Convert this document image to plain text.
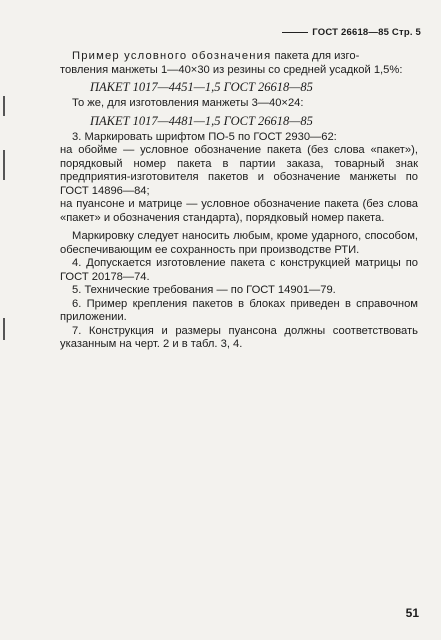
ГОСТ 26618—85 Стр. 5

Пример условного обозначения пакета для изго-

товления манжеты 1—40×30 из резины со средней усадкой 1,5%:

ПАКЕТ 1017—4451—1,5 ГОСТ 26618—85

То же, для изготовления манжеты 3—40×24:

ПАКЕТ 1017—4481—1,5 ГОСТ 26618—85

3. Маркировать шрифтом ПО-5 по ГОСТ 2930—62:

на обойме — условное обозначение пакета (без слова «пакет»), порядковый номер пакета в партии заказа, товарный знак предприятия-изготовителя пакетов и обозначение манжеты по ГОСТ 14896—84;

на пуансоне и матрице — условное обозначение пакета (без слова «пакет» и обозначения стандарта), порядковый номер пакета.

Маркировку следует наносить любым, кроме ударного, способом, обеспечивающим ее сохранность при производстве РТИ.

4. Допускается изготовление пакета с конструкцией матрицы по ГОСТ 20178—74.

5. Технические требования — по ГОСТ 14901—79.

6. Пример крепления пакетов в блоках приведен в справочном приложении.

7. Конструкция и размеры пуансона должны соответствовать указанным на черт. 2 и в табл. 3, 4.

51
